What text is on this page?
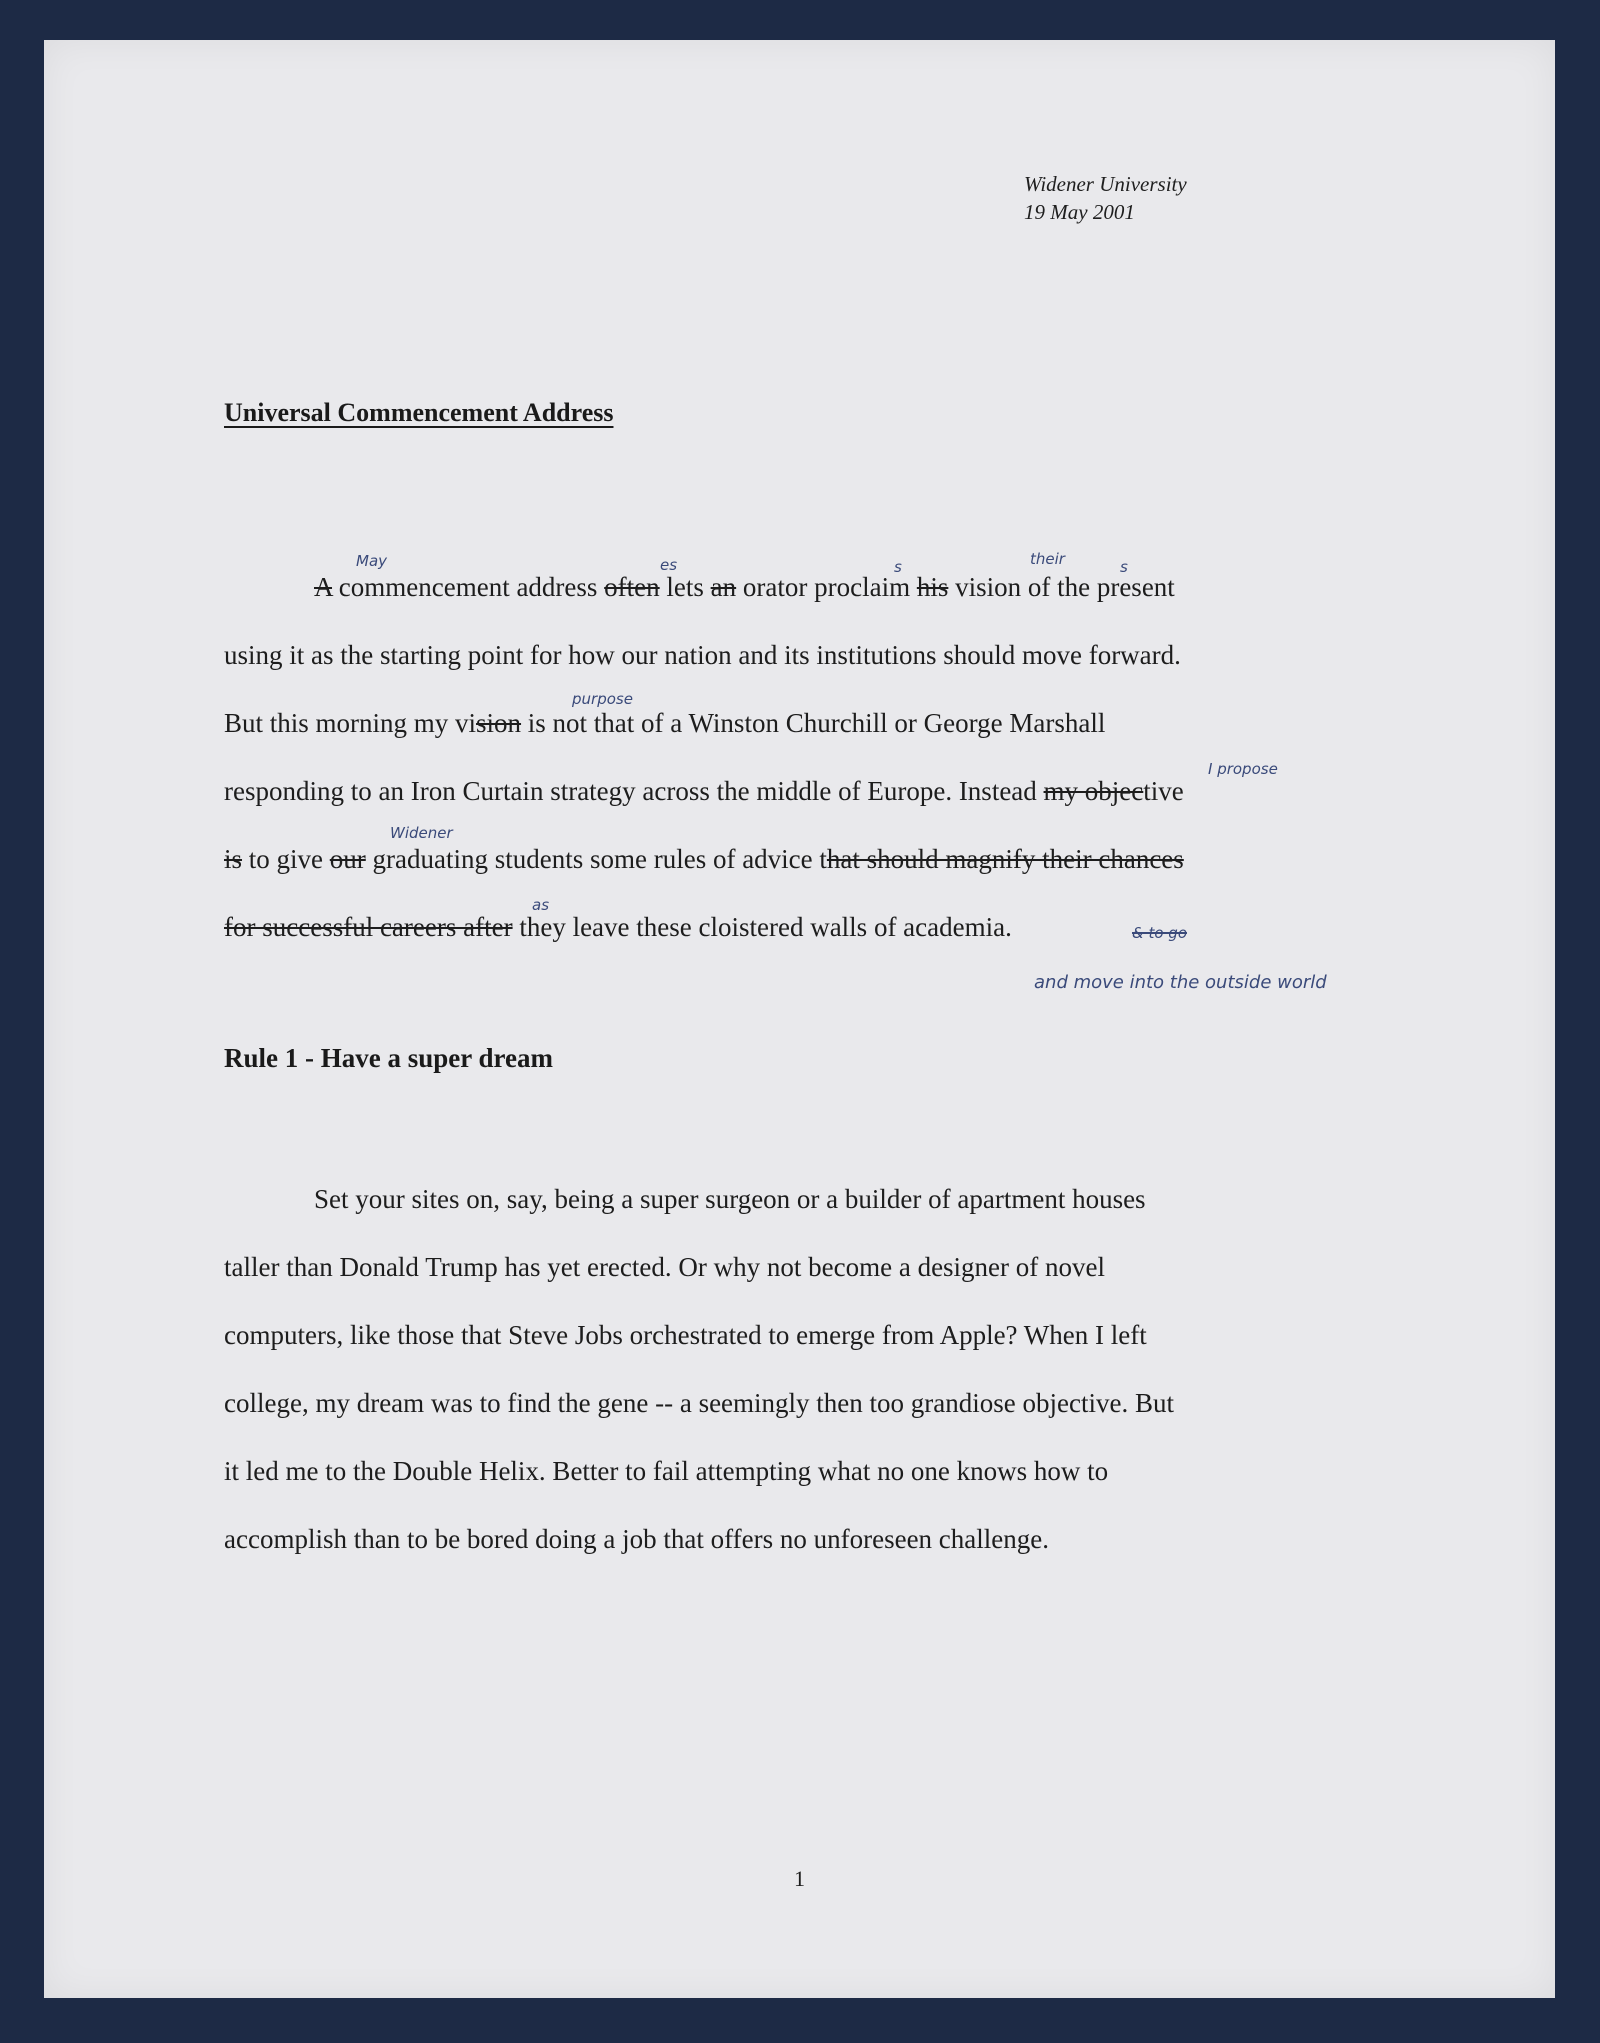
Widener University
19 May 2001
Universal Commencement Address
A commencement address often lets an orator proclaim his vision of the present
using it as the starting point for how our nation and its institutions should move forward.
But this morning my vision is not that of a Winston Churchill or George Marshall
responding to an Iron Curtain strategy across the middle of Europe. Instead my objective
is to give our graduating students some rules of advice that should magnify their chances
for successful careers after they leave these cloistered walls of academia.	& to go
May	es	s	their	s
purpose
I propose
Widener
as
and move into the outside world
Rule 1 - Have a super dream
Set your sites on, say, being a super surgeon or a builder of apartment houses
taller than Donald Trump has yet erected. Or why not become a designer of novel
computers, like those that Steve Jobs orchestrated to emerge from Apple? When I left
college, my dream was to find the gene -- a seemingly then too grandiose objective. But
it led me to the Double Helix. Better to fail attempting what no one knows how to
accomplish than to be bored doing a job that offers no unforeseen challenge.
1
